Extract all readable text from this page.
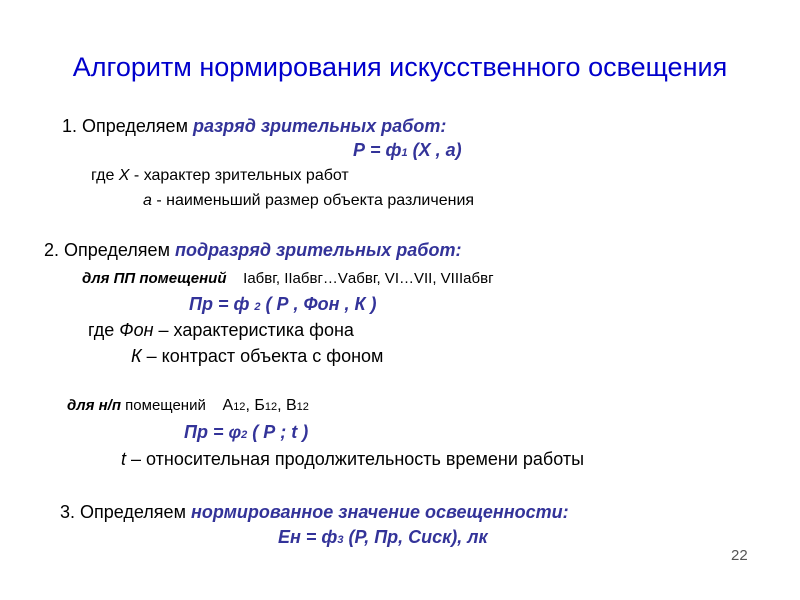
Алгоритм нормирования искусственного освещения
1. Определяем разряд зрительных работ:
Р = ф1 (Х , а)
где Х - характер зрительных работ
а - наименьший размер объекта различения
2. Определяем подразряд зрительных работ:
для ПП помещений Iабвг, IIабвг…Vабвг, VI…VII, VIIIабвг
Пр = ф 2 ( Р , Фон , К )
где Фон – характеристика фона
К – контраст объекта с фоном
для н/п помещений А12, Б12, В12
Пр = φ2 ( Р ; t )
t – относительная продолжительность времени работы
3. Определяем нормированное значение освещенности:
Ен = ф3 (Р, Пр, Сиск), лк
22
